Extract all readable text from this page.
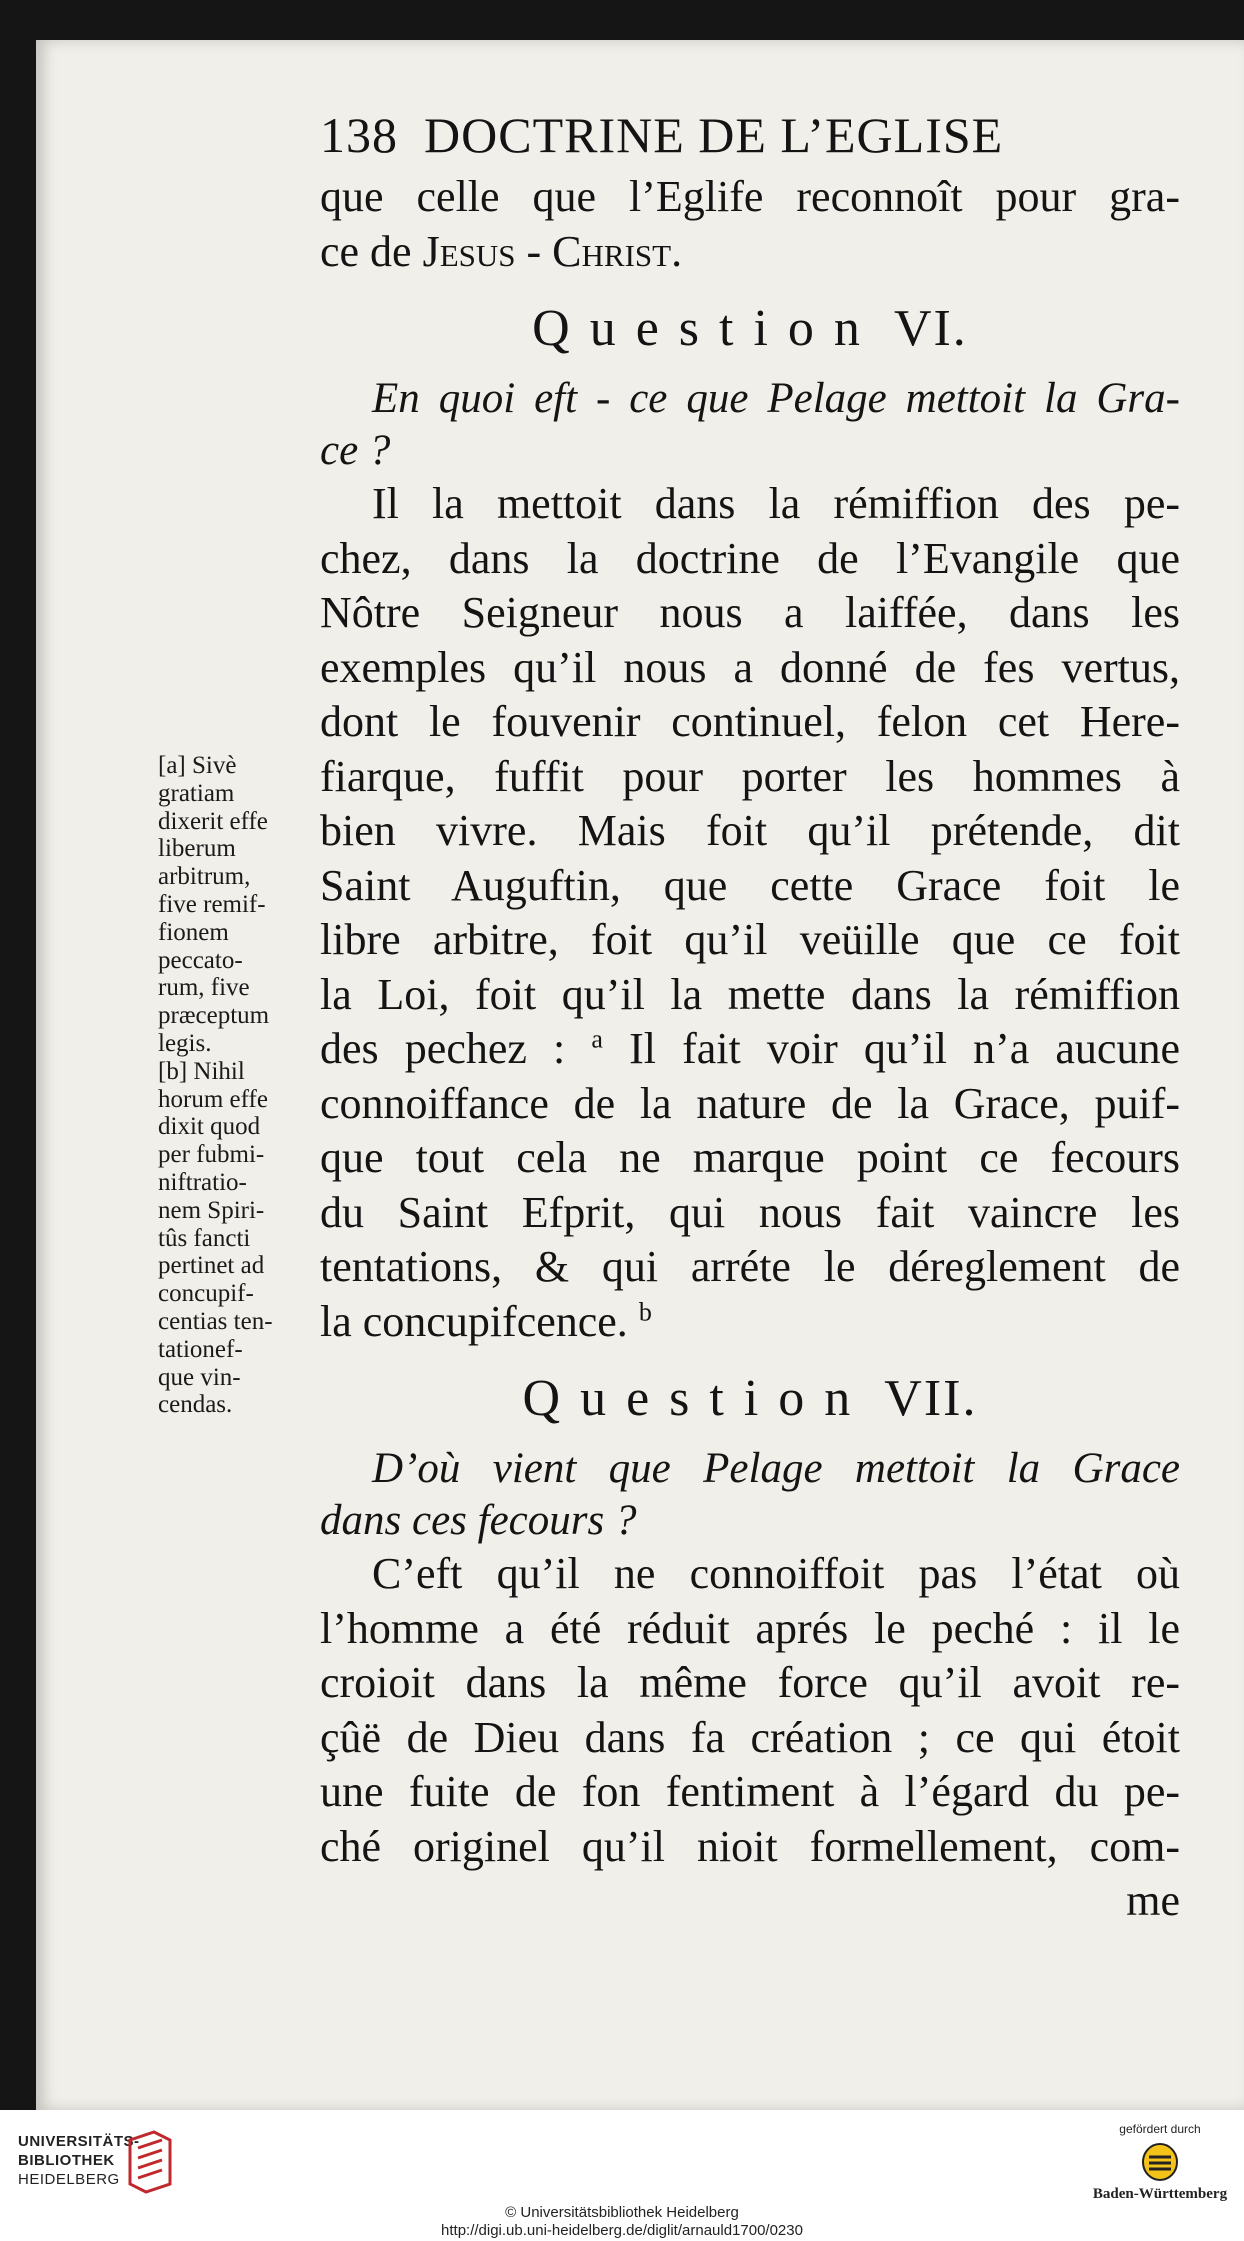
138 DOCTRINE DE L’EGLISE
que celle que l’Eglife reconnoît pour gra-
ce de Jesus - Christ.
Question VI.
En quoi eft - ce que Pelage mettoit la Gra-
ce ?
Il la mettoit dans la rémiffion des pe-
chez, dans la doctrine de l’Evangile que
Nôtre Seigneur nous a laiffée, dans les
exemples qu’il nous a donné de fes vertus,
dont le fouvenir continuel, felon cet Here-
fiarque, fuffit pour porter les hommes à
bien vivre. Mais foit qu’il prétende, dit
Saint Auguftin, que cette Grace foit le
libre arbitre, foit qu’il veüille que ce foit
la Loi, foit qu’il la mette dans la rémiffion
des pechez : $^a$ Il fait voir qu’il n’a aucune
connoiffance de la nature de la Grace, puif-
que tout cela ne marque point ce fecours
du Saint Efprit, qui nous fait vaincre les
tentations, & qui arréte le déreglement de
la concupifcence. $^b$
Question VII.
D’où vient que Pelage mettoit la Grace
dans ces fecours ?
C’eft qu’il ne connoiffoit pas l’état où
l’homme a été réduit aprés le peché : il le
croioit dans la même force qu’il avoit re-
çûë de Dieu dans fa création ; ce qui étoit
une fuite de fon fentiment à l’égard du pe-
ché originel qu’il nioit formellement, com-
me
[a] Sivè
gratiam
dixerit effe
liberum
arbitrum,
five remif-
fionem
peccato-
rum, five
præceptum
legis.
[b] Nihil
horum effe
dixit quod
per fubmi-
niftratio-
nem Spiri-
tûs fancti
pertinet ad
concupif-
centias ten-
tationef-
que vin-
cendas.
UNIVERSITÄTS-
BIBLIOTHEK
HEIDELBERG
© Universitätsbibliothek Heidelberg
http://digi.ub.uni-heidelberg.de/diglit/arnauld1700/0230
gefördert durch
Baden-Württemberg
